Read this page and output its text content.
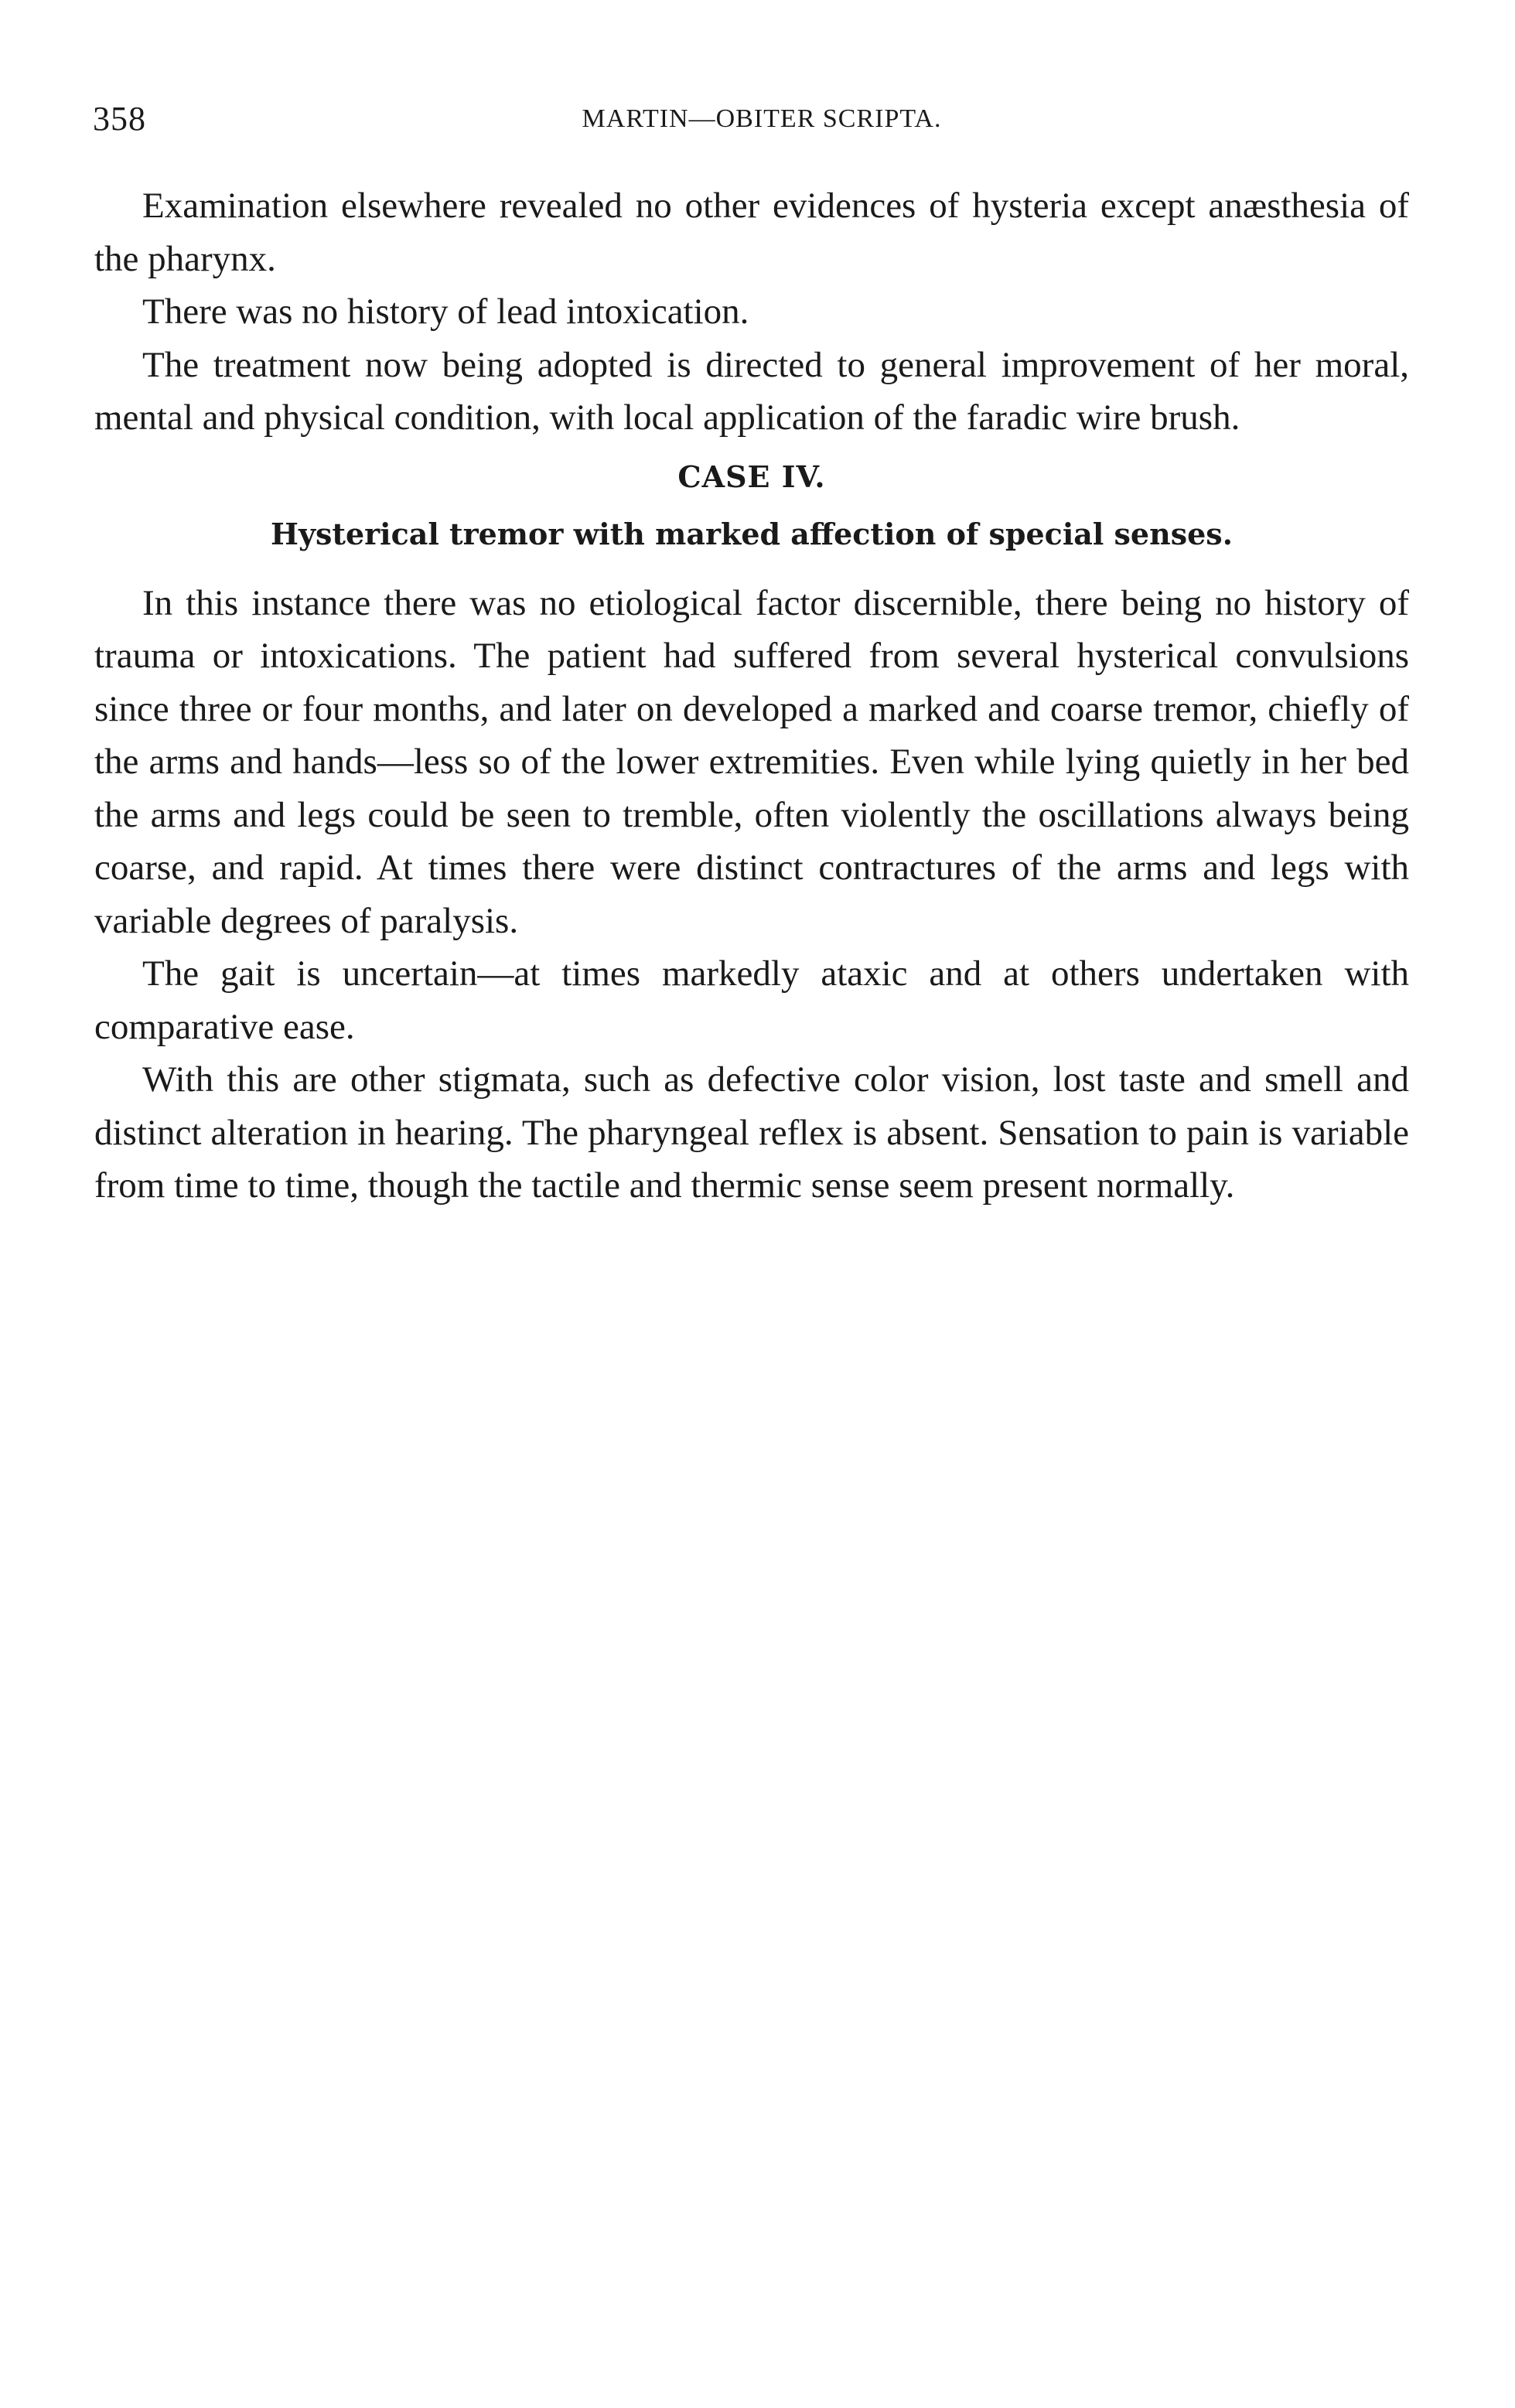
358	MARTIN—OBITER SCRIPTA.

Examination elsewhere revealed no other evidences of hysteria except anæsthesia of the pharynx.

There was no history of lead intoxication.

The treatment now being adopted is directed to general improvement of her moral, mental and physical condition, with local application of the faradic wire brush.

CASE IV.
Hysterical tremor with marked affection of special senses.

In this instance there was no etiological factor discernible, there being no history of trauma or intoxications. The patient had suffered from several hysterical convulsions since three or four months, and later on developed a marked and coarse tremor, chiefly of the arms and hands—less so of the lower extremities. Even while lying quietly in her bed the arms and legs could be seen to tremble, often violently the oscillations always being coarse, and rapid. At times there were distinct contractures of the arms and legs with variable degrees of paralysis.

The gait is uncertain—at times markedly ataxic and at others undertaken with comparative ease.

With this are other stigmata, such as defective color vision, lost taste and smell and distinct alteration in hearing. The pharyngeal reflex is absent. Sensation to pain is variable from time to time, though the tactile and thermic sense seem present normally.
